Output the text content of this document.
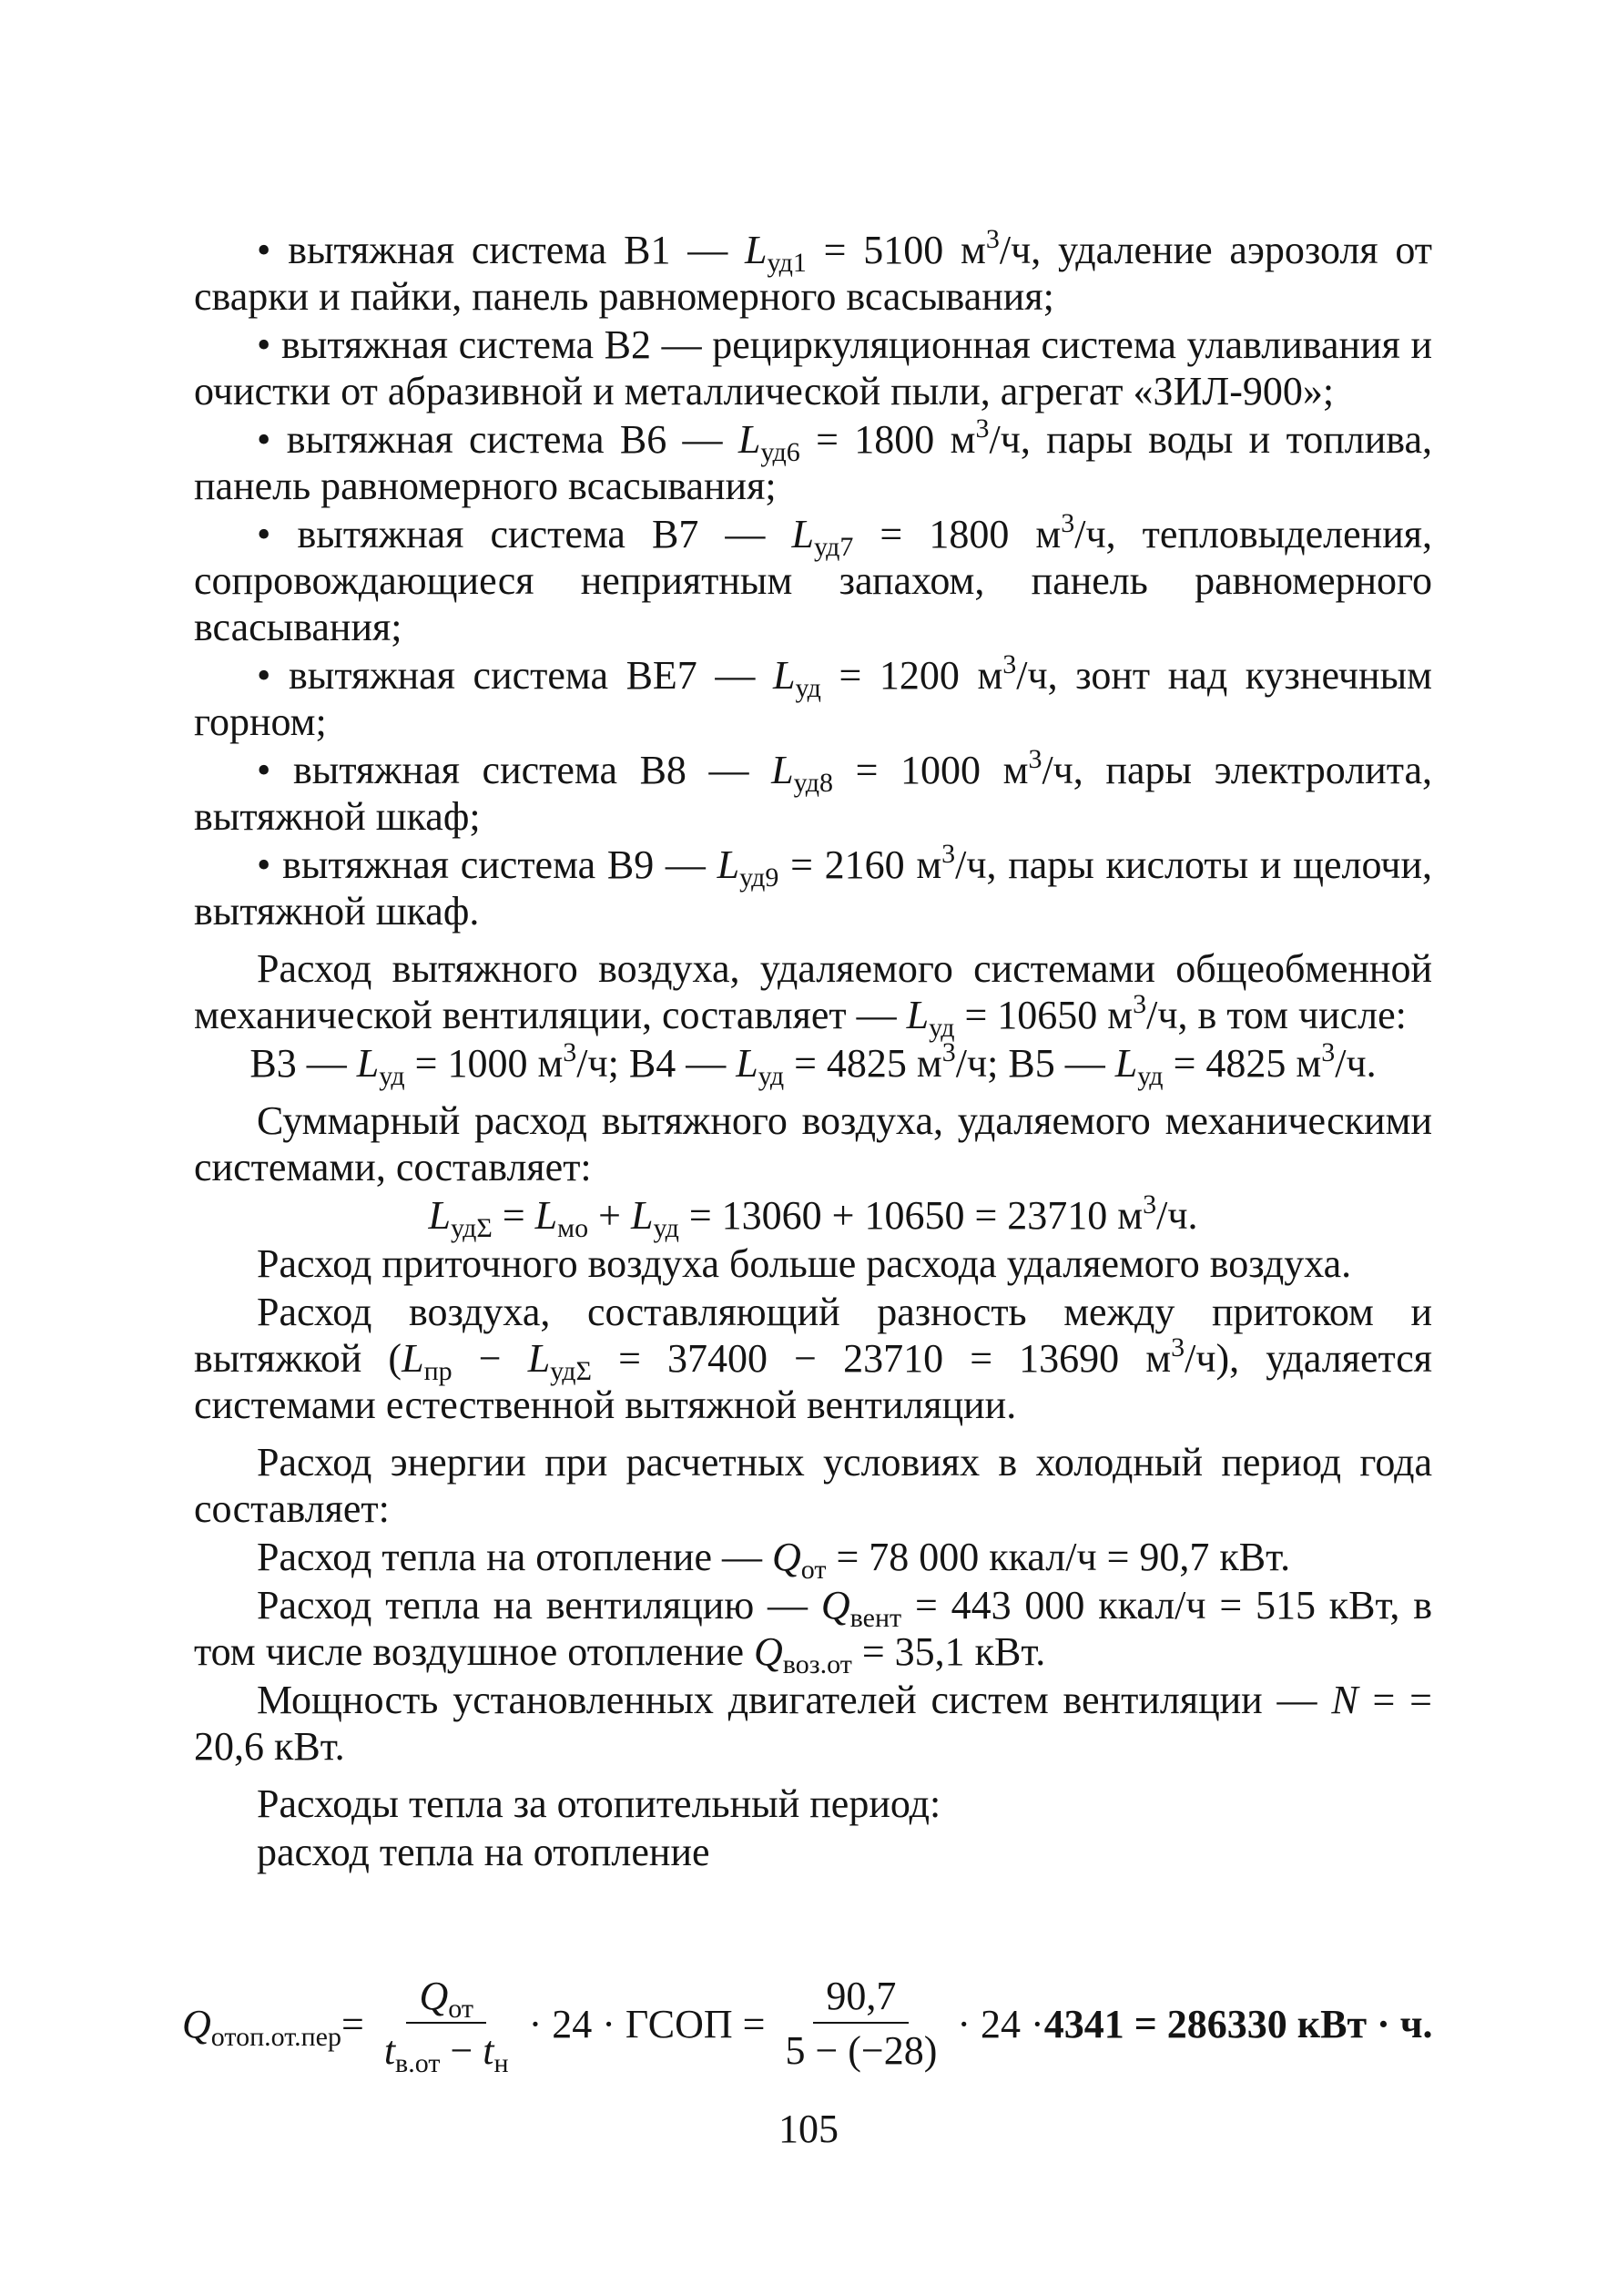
• вытяжная система В1 — $L_{уд1} = 5100$ $м^3/ч$, удаление аэрозоля от сварки и пайки, панель равномерного всасывания;

• вытяжная система В2 — рециркуляционная система улавливания и очистки от абразивной и металлической пыли, агрегат «ЗИЛ-900»;

• вытяжная система В6 — $L_{уд6} = 1800$ $м^3/ч$, пары воды и топлива, панель равномерного всасывания;

• вытяжная система В7 — $L_{уд7} = 1800$ $м^3/ч$, тепловыделения, сопровождающиеся неприятным запахом, панель равномерного всасывания;

• вытяжная система ВЕ7 — $L_{уд} = 1200$ $м^3/ч$, зонт над кузнечным горном;

• вытяжная система В8 — $L_{уд8} = 1000$ $м^3/ч$, пары электролита, вытяжной шкаф;

• вытяжная система В9 — $L_{уд9} = 2160$ $м^3/ч$, пары кислоты и щелочи, вытяжной шкаф.

Расход вытяжного воздуха, удаляемого системами общеобменной механической вентиляции, составляет — $L_{уд} = 10650$ $м^3/ч$, в том числе:

В3 — $L_{уд} = 1000$ $м^3/ч$; В4 — $L_{уд} = 4825$ $м^3/ч$; В5 — $L_{уд} = 4825$ $м^3/ч$.

Суммарный расход вытяжного воздуха, удаляемого механическими системами, составляет:

$L_{уд\Sigma} = L_{мо} + L_{уд} = 13060 + 10650 = 23710$ $м^3/ч$.

Расход приточного воздуха больше расхода удаляемого воздуха.

Расход воздуха, составляющий разность между притоком и вытяжкой ($L_{пр} - L_{уд\Sigma} = 37400 - 23710 = 13690$ $м^3/ч$), удаляется системами естественной вытяжной вентиляции.

Расход энергии при расчетных условиях в холодный период года составляет:

Расход тепла на отопление — $Q_{от} = 78$ 000 ккал/ч = 90,7 кВт.

Расход тепла на вентиляцию — $Q_{вент} = 443$ 000 ккал/ч = 515 кВт, в том числе воздушное отопление $Q_{воз.от} = 35,1$ кВт.

Мощность установленных двигателей систем вентиляции — N = = 20,6 кВт.

Расходы тепла за отопительный период:

расход тепла на отопление

$Q_{отоп.от.пер} = \frac{Q_{от}}{t_{в.от} - t_н} \cdot 24$ · ГСОП = $\frac{90,7}{5 - (-28)} \cdot 24 \cdot 4341 = 286330$ кВт · ч.
105
